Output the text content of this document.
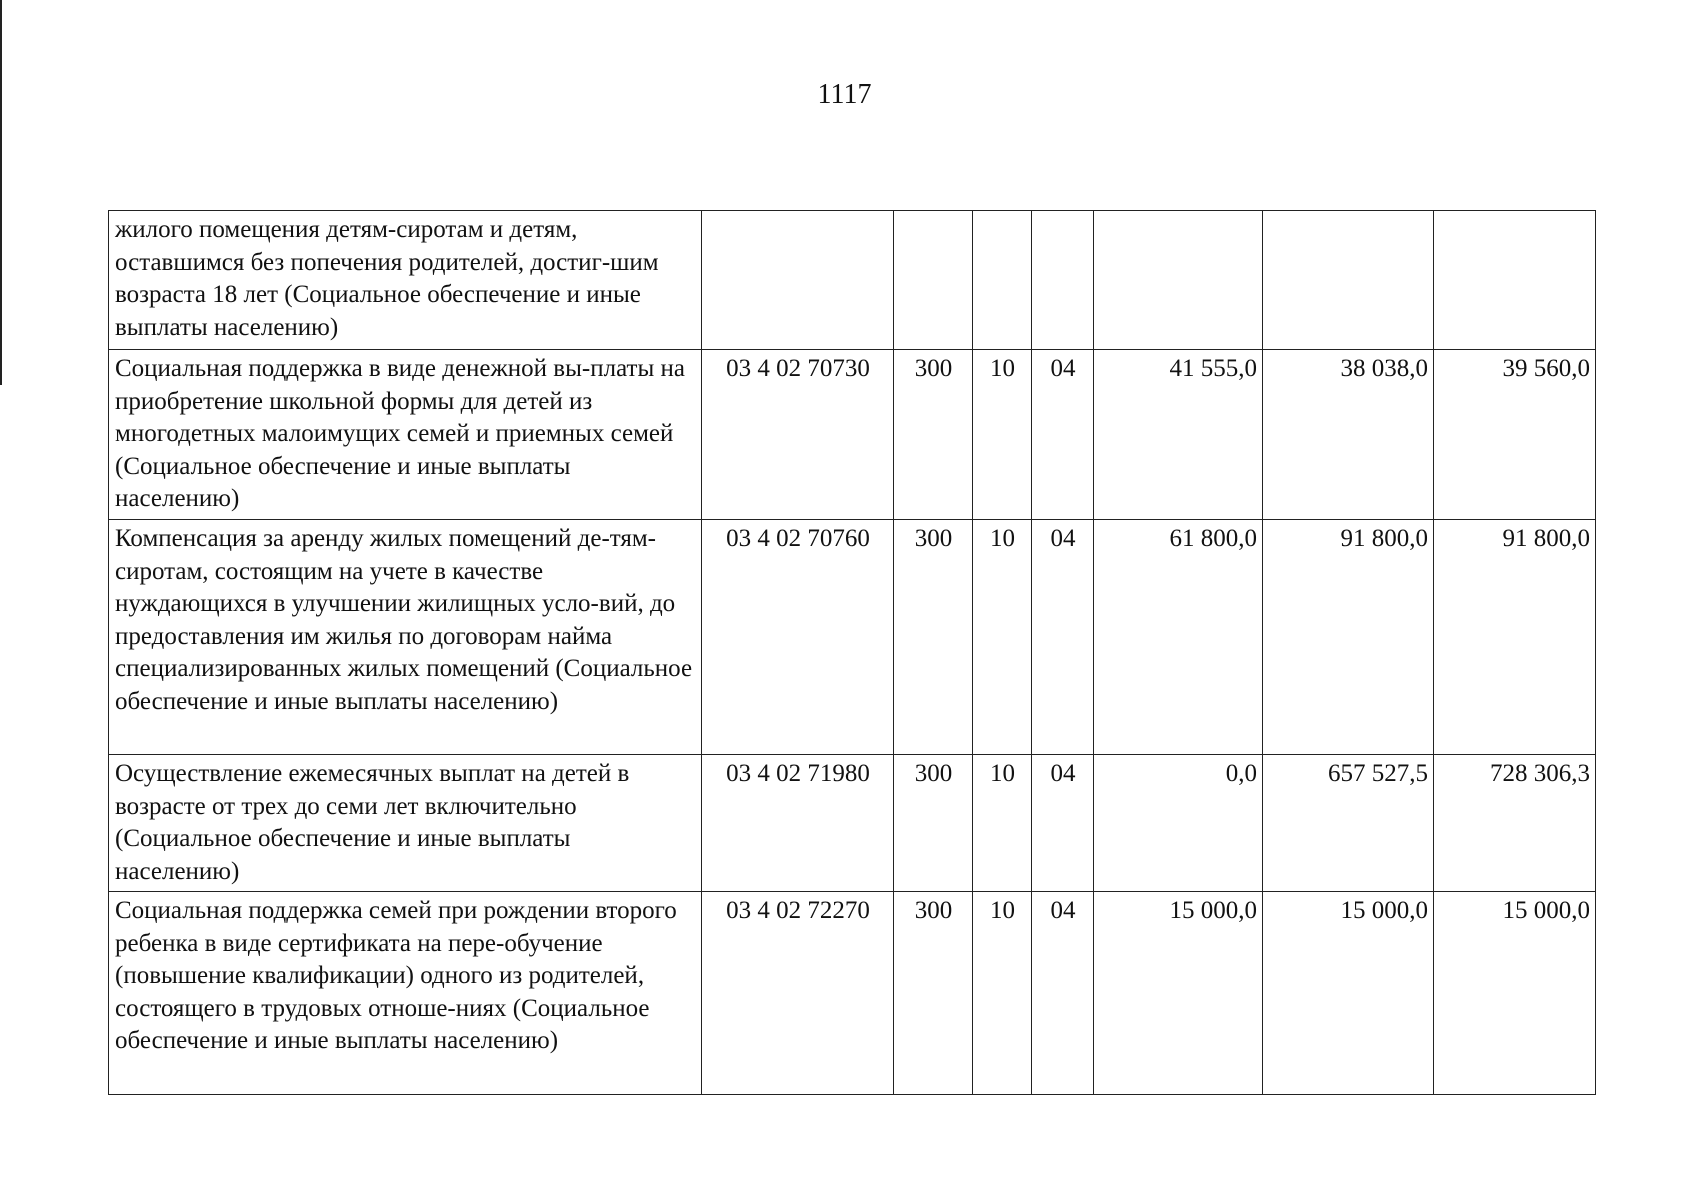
1117
жилого помещения детям-сиротам и детям, оставшимся без попечения родителей, достиг-шим возраста 18 лет (Социальное обеспечение и иные выплаты населению)							
Социальная поддержка в виде денежной вы-платы на приобретение школьной формы для детей из многодетных малоимущих семей и приемных семей (Социальное обеспечение и иные выплаты населению)	03 4 02 70730	300	10	04	41 555,0	38 038,0	39 560,0
Компенсация за аренду жилых помещений де-тям-сиротам, состоящим на учете в качестве нуждающихся в улучшении жилищных усло-вий, до предоставления им жилья по договорам найма специализированных жилых помещений (Социальное обеспечение и иные выплаты населению)	03 4 02 70760	300	10	04	61 800,0	91 800,0	91 800,0
Осуществление ежемесячных выплат на детей в возрасте от трех до семи лет включительно (Социальное обеспечение и иные выплаты населению)	03 4 02 71980	300	10	04	0,0	657 527,5	728 306,3
Социальная поддержка семей при рождении второго ребенка в виде сертификата на пере-обучение (повышение квалификации) одного из родителей, состоящего в трудовых отноше-ниях (Социальное обеспечение и иные выплаты населению)	03 4 02 72270	300	10	04	15 000,0	15 000,0	15 000,0
